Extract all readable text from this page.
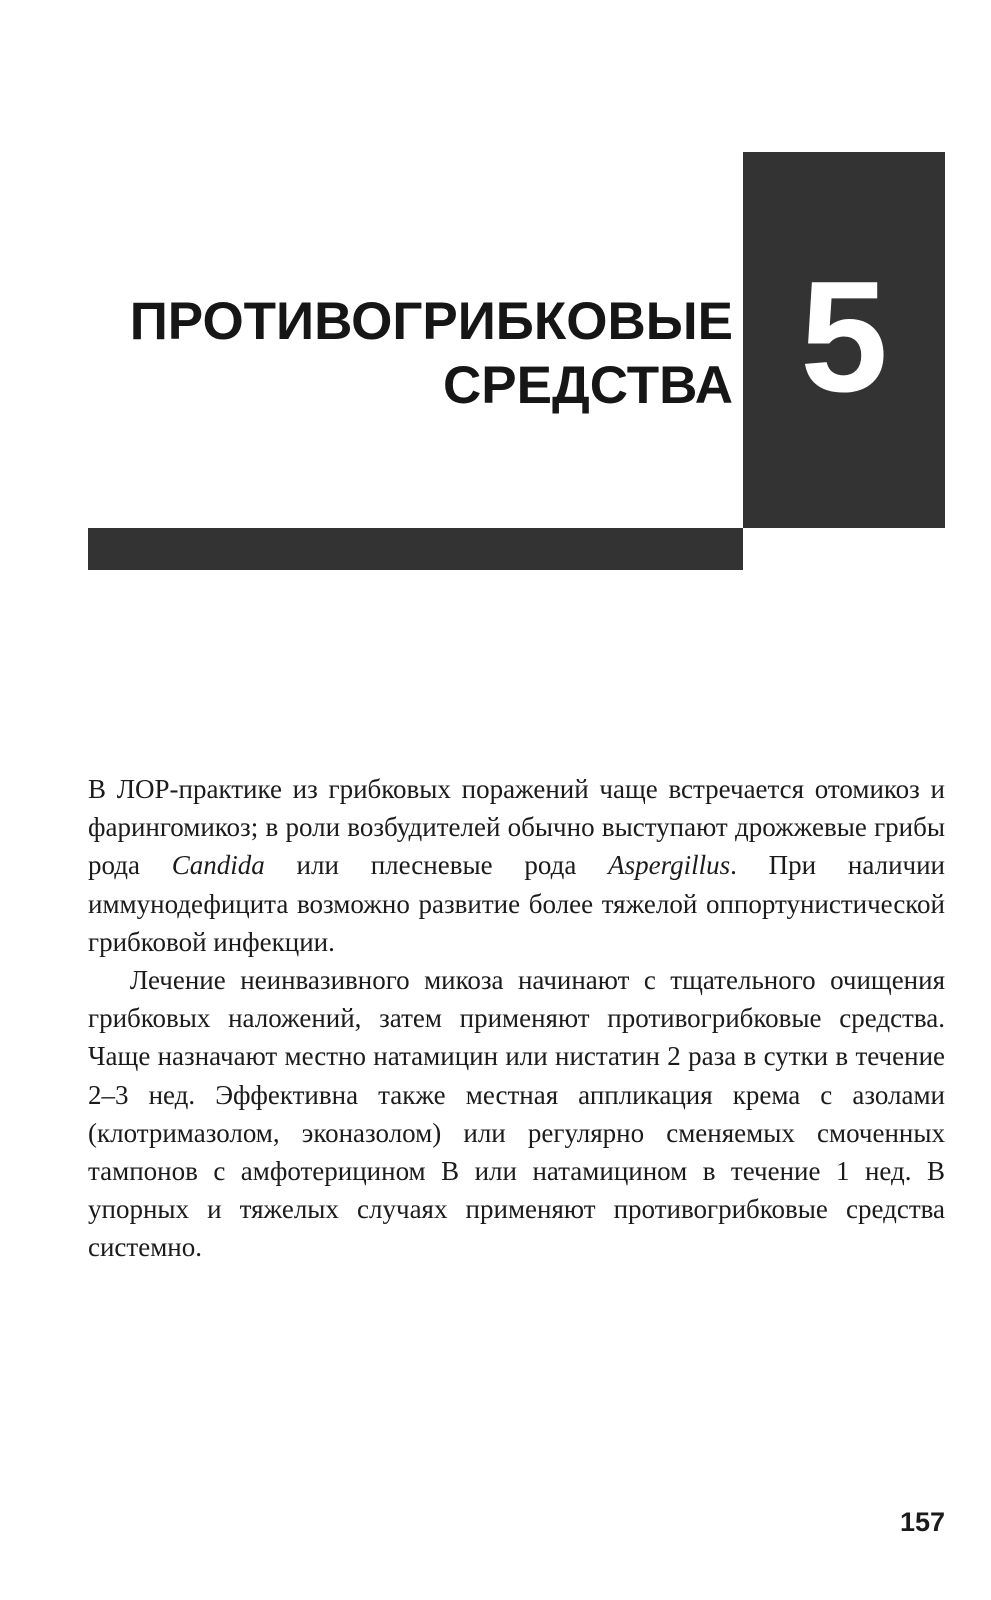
5
ПРОТИВОГРИБКОВЫЕ
СРЕДСТВА

В ЛОР-практике из грибковых поражений чаще встречается отомикоз и фарингомикоз; в роли возбудителей обычно выступают дрожжевые грибы рода Candida или плесневые рода Aspergillus. При наличии иммунодефицита возможно развитие более тяжелой оппортунистической грибковой инфекции.

Лечение неинвазивного микоза начинают с тщательного очищения грибковых наложений, затем применяют противогрибковые средства. Чаще назначают местно натамицин или нистатин 2 раза в сутки в течение 2–3 нед. Эффективна также местная аппликация крема с азолами (клотримазолом, эконазолом) или регулярно сменяемых смоченных тампонов с амфотерицином B или натамицином в течение 1 нед. В упорных и тяжелых случаях применяют противогрибковые средства системно.

157
